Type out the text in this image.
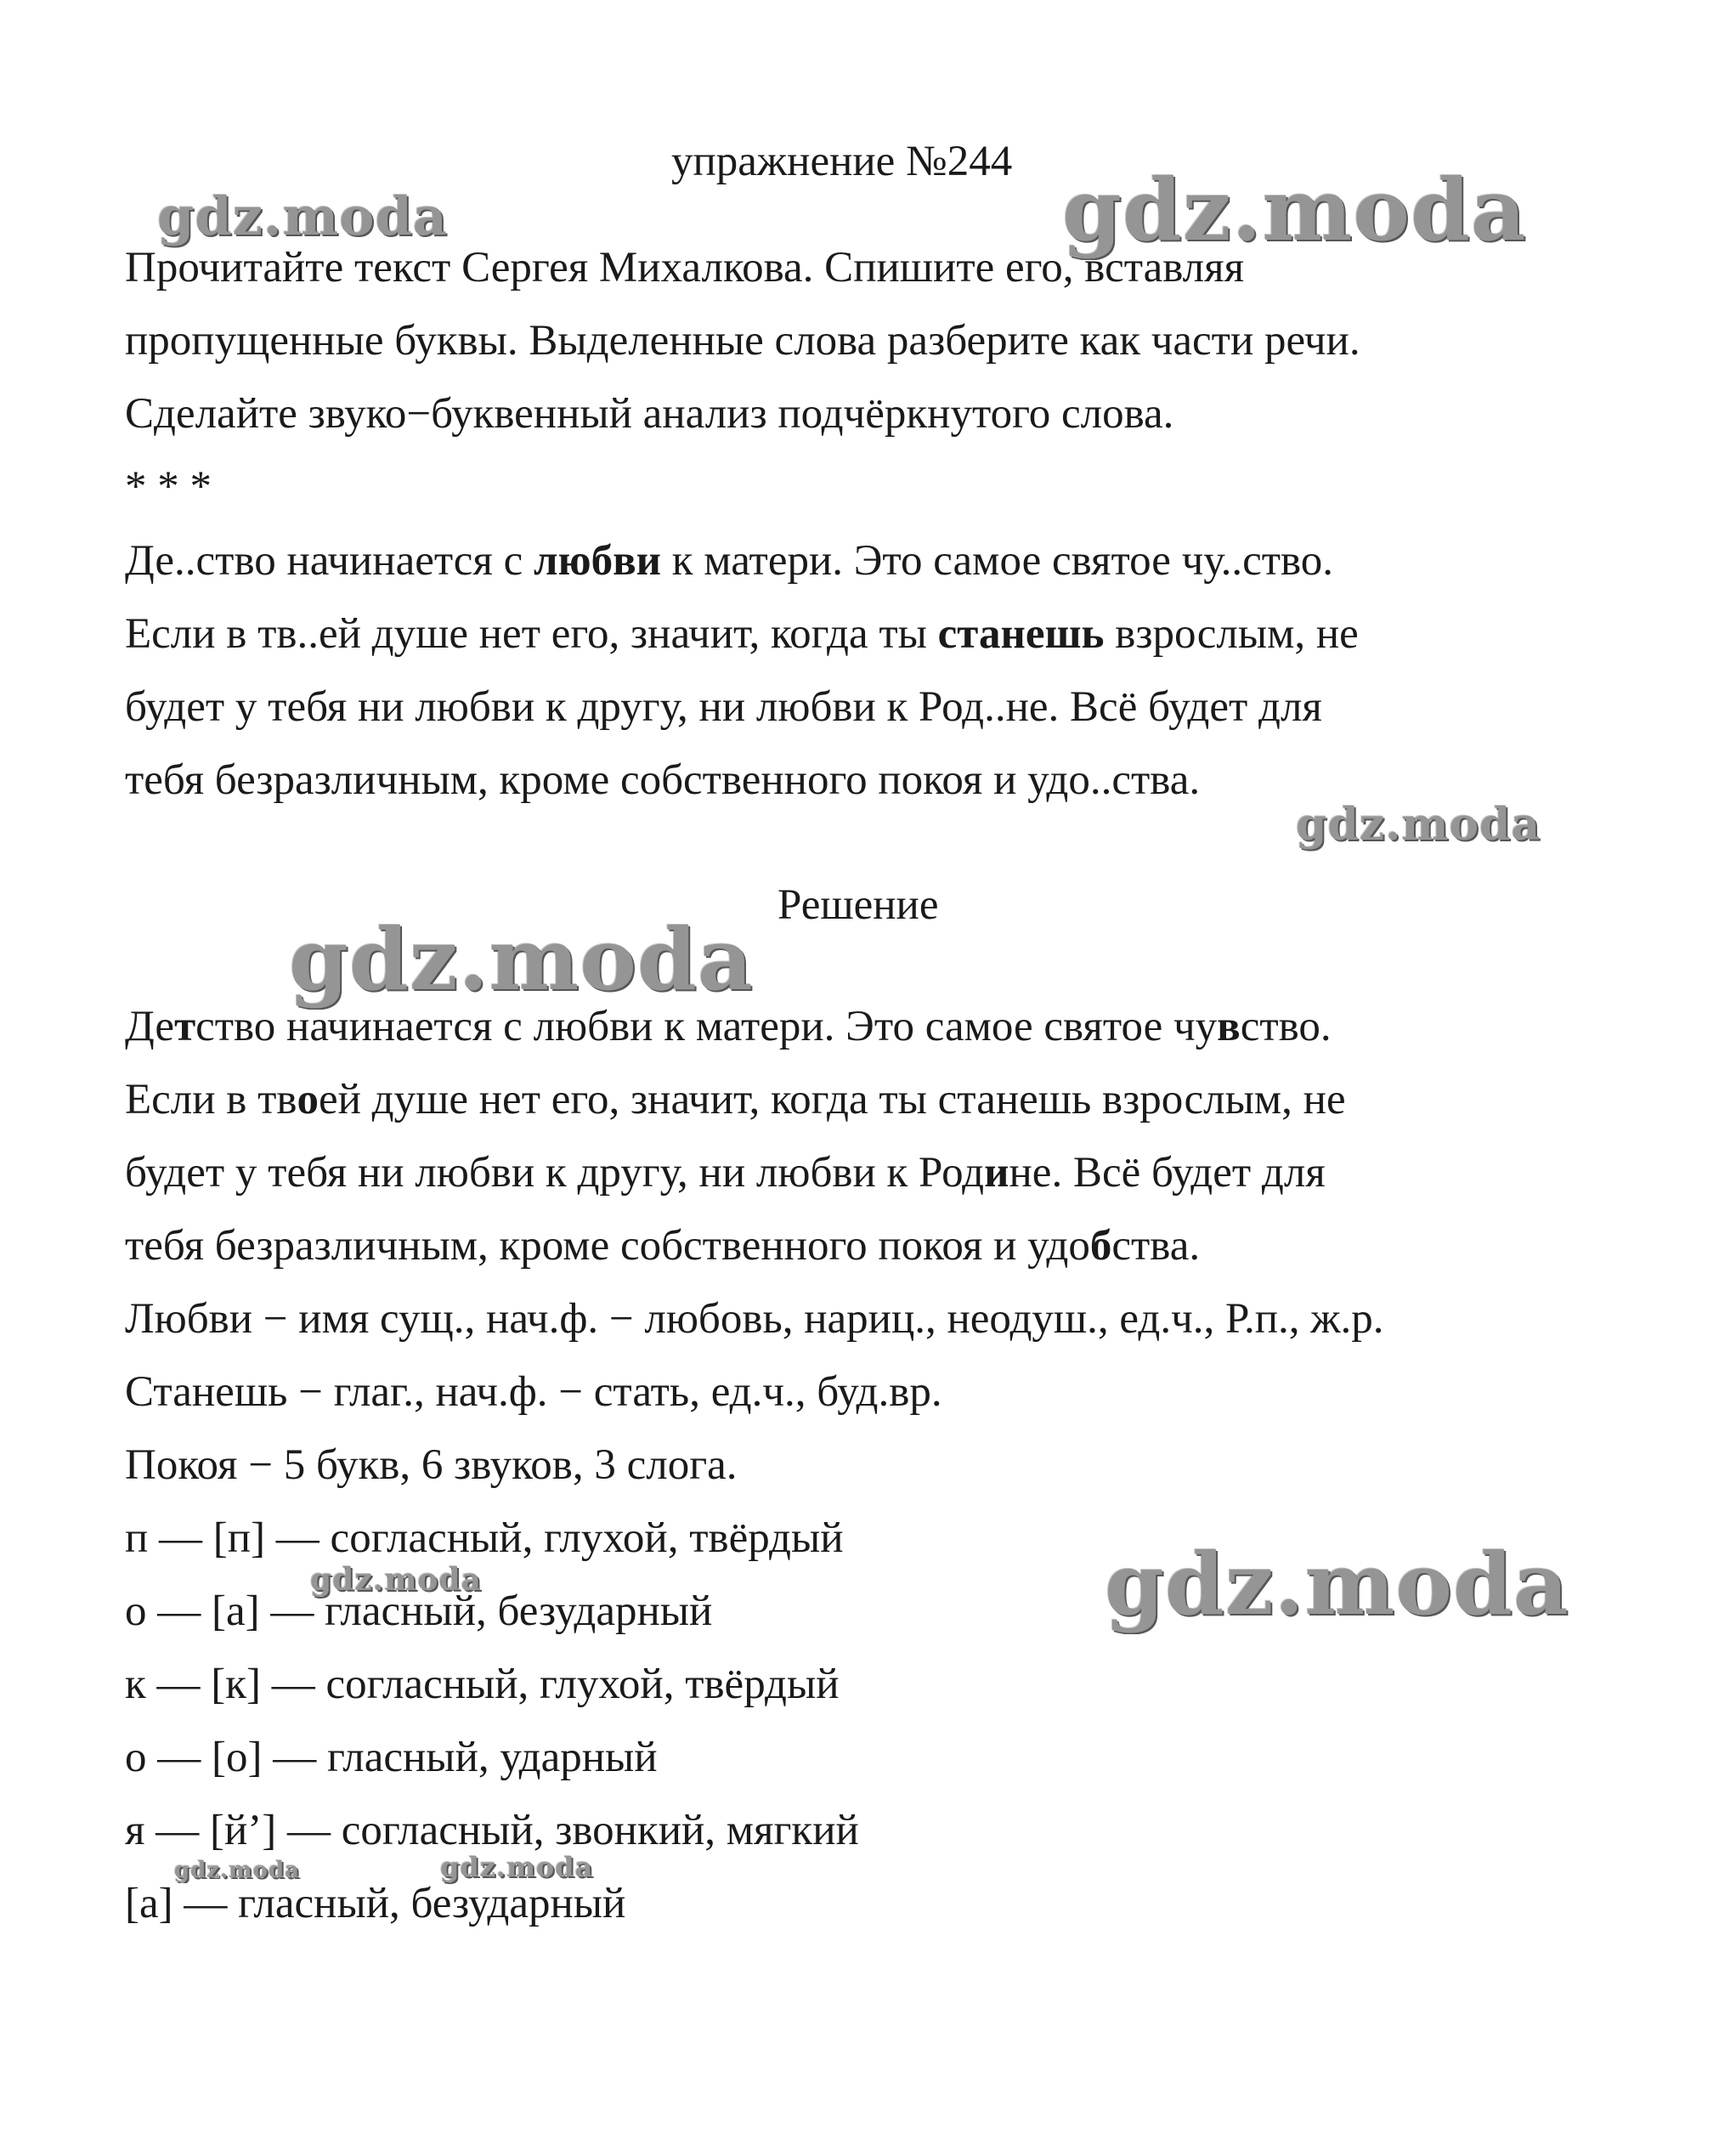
упражнение №244
Прочитайте текст Сергея Михалкова. Спишите его, вставляя
пропущенные буквы. Выделенные слова разберите как части речи.
Сделайте звуко−буквенный анализ подчёркнутого слова.
* * *
Де..ство начинается с любви к матери. Это самое святое чу..ство.
Если в тв..ей душе нет его, значит, когда ты станешь взрослым, не
будет у тебя ни любви к другу, ни любви к Род..не. Всё будет для
тебя безразличным, кроме собственного покоя и удо..ства.
Решение
Детство начинается с любви к матери. Это самое святое чувство.
Если в твоей душе нет его, значит, когда ты станешь взрослым, не
будет у тебя ни любви к другу, ни любви к Родине. Всё будет для
тебя безразличным, кроме собственного покоя и удобства.
Любви − имя сущ., нач.ф. − любовь, нариц., неодуш., ед.ч., Р.п., ж.р.
Станешь − глаг., нач.ф. − стать, ед.ч., буд.вр.
Покоя − 5 букв, 6 звуков, 3 слога.
п — [п] — согласный, глухой, твёрдый
о — [а] — гласный, безударный
к — [к] — согласный, глухой, твёрдый
о — [о] — гласный, ударный
я — [й’] — согласный, звонкий, мягкий
[а] — гласный, безударный
gdz.moda	gdz.moda
gdz.moda
gdz.moda
gdz.moda
gdz.moda
gdz.moda	gdz.moda
